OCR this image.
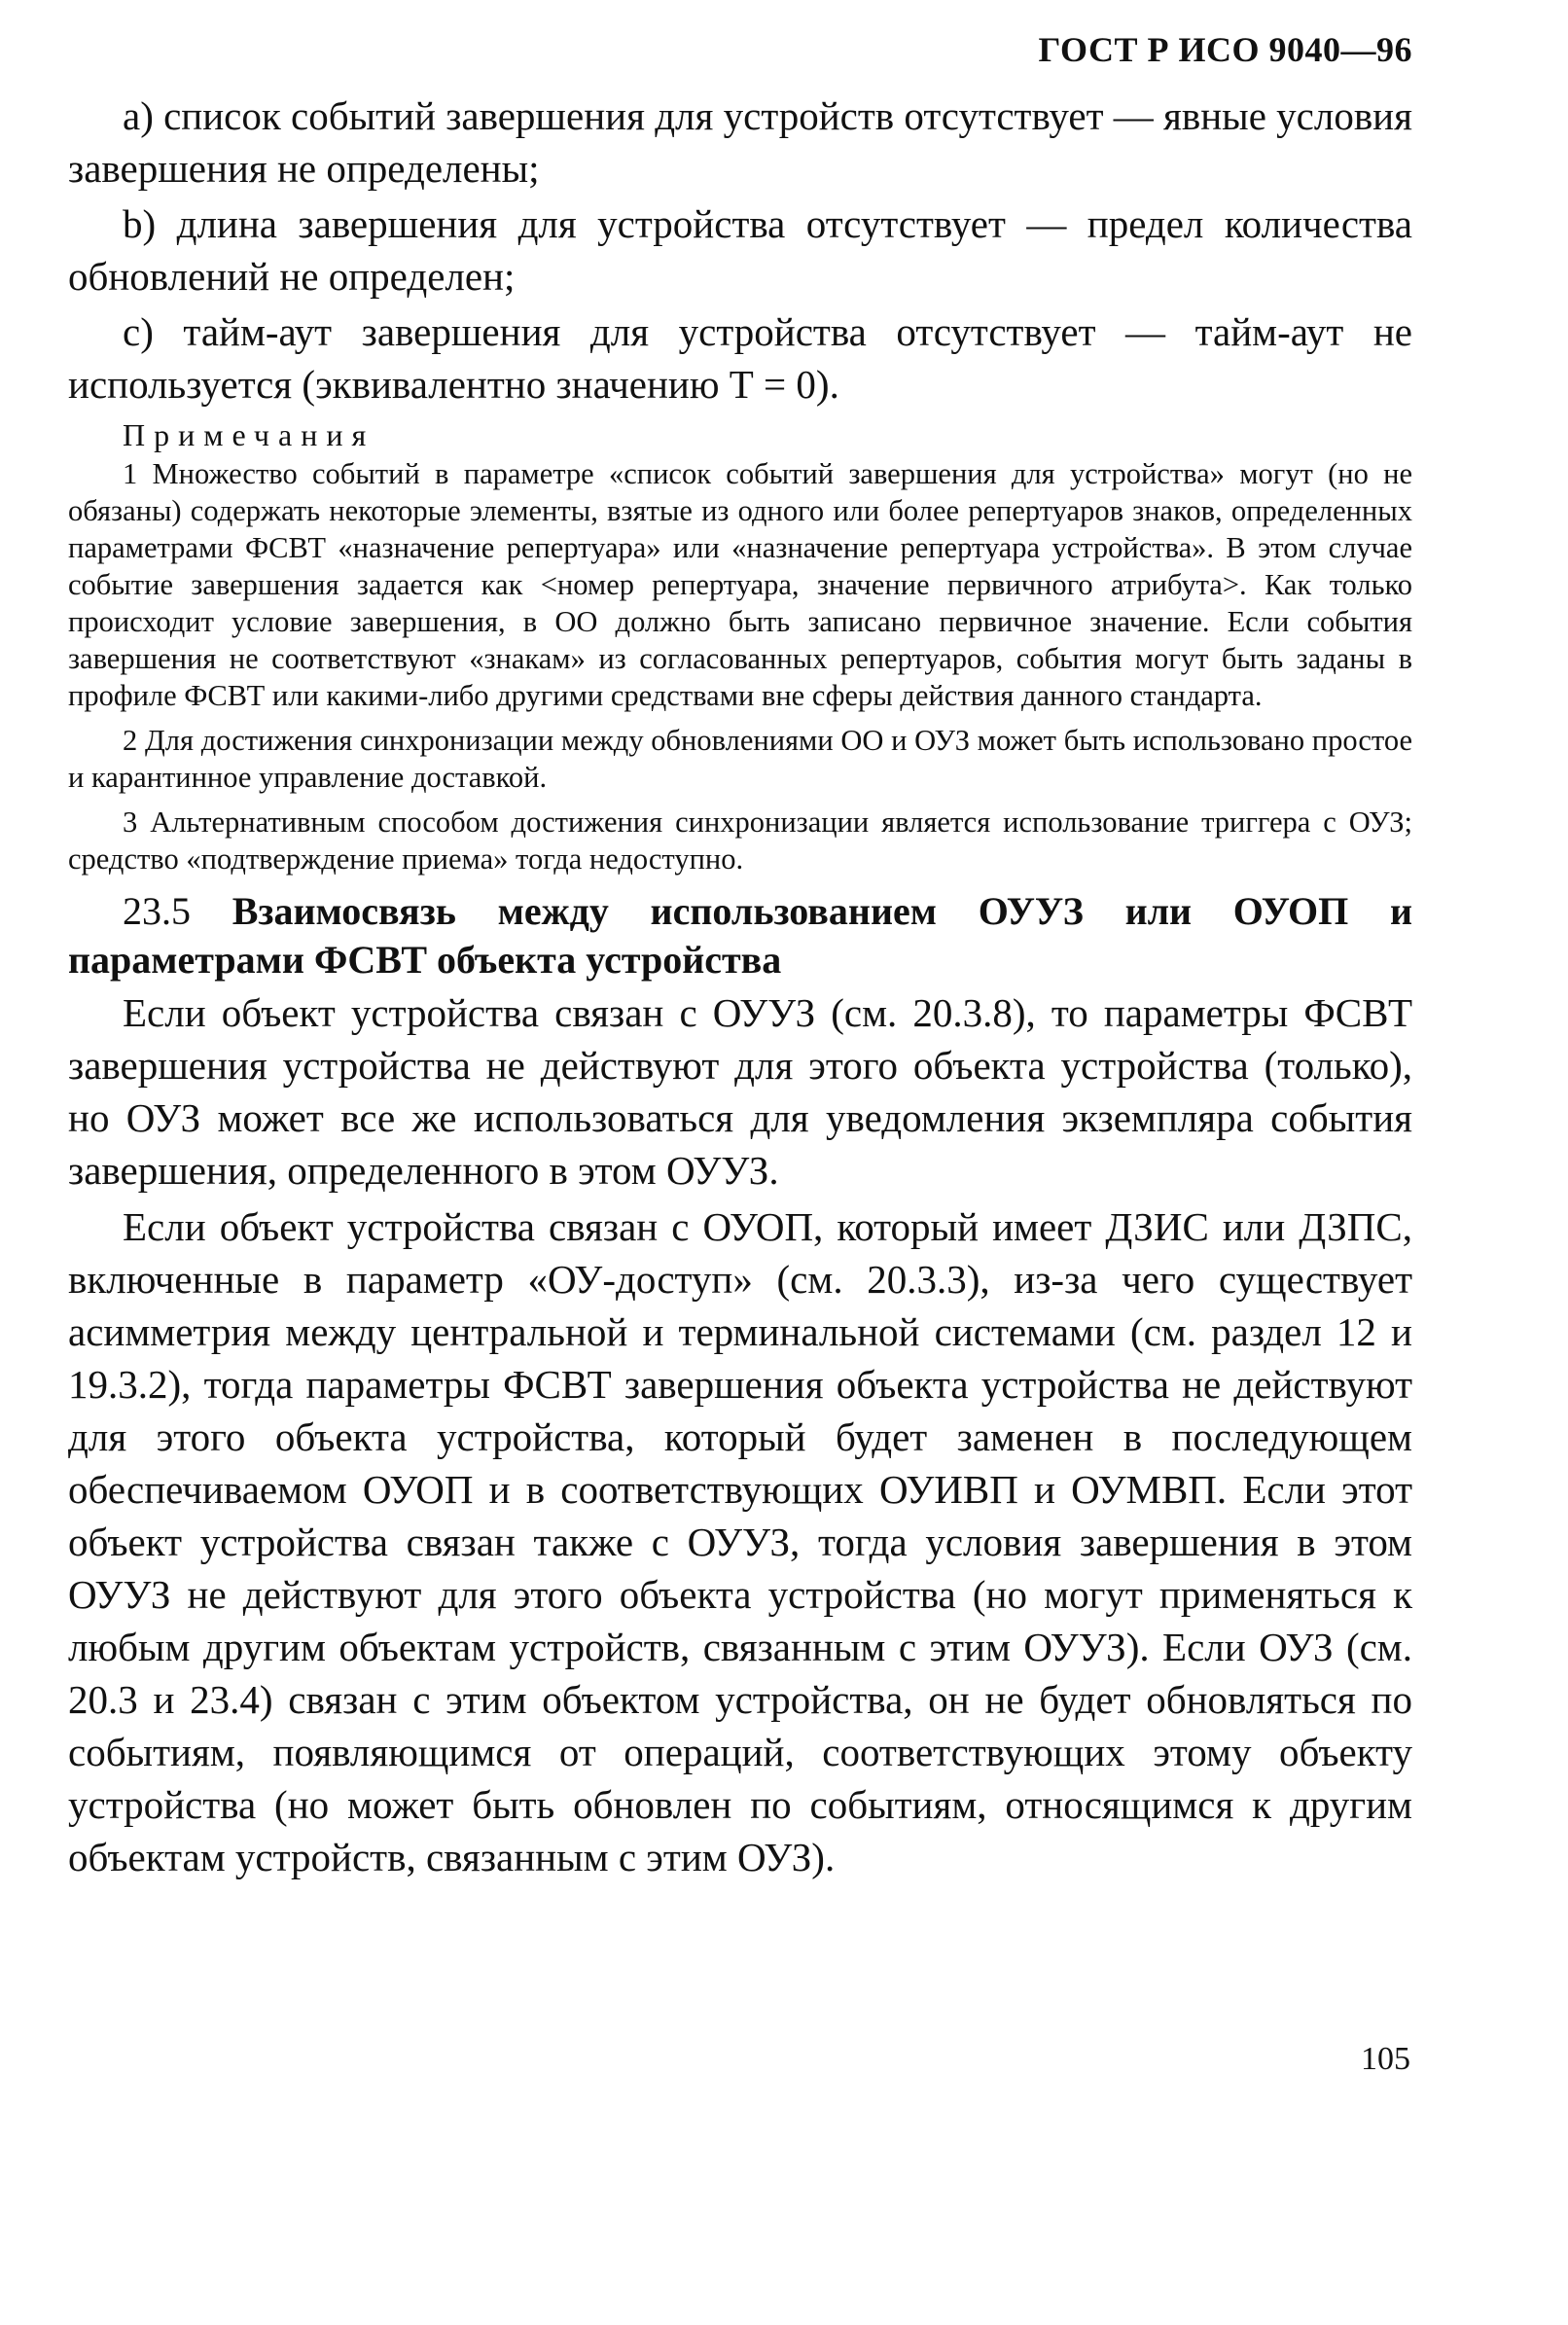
ГОСТ Р ИСО 9040—96

а) список событий завершения для устройств отсутствует — явные условия завершения не определены;

b) длина завершения для устройства отсутствует — предел количества обновлений не определен;

с) тайм-аут завершения для устройства отсутствует — тайм-аут не используется (эквивалентно значению Т = 0).

Примечания

1 Множество событий в параметре «список событий завершения для устройства» могут (но не обязаны) содержать некоторые элементы, взятые из одного или более репертуаров знаков, определенных параметрами ФСВТ «назначение репертуара» или «назначение репертуара устройства». В этом случае событие завершения задается как <номер репертуара, значение первичного атрибута>. Как только происходит условие завершения, в ОО должно быть записано первичное значение. Если события завершения не соответствуют «знакам» из согласованных репертуаров, события могут быть заданы в профиле ФСВТ или какими-либо другими средствами вне сферы действия данного стандарта.

2 Для достижения синхронизации между обновлениями ОО и ОУЗ может быть использовано простое и карантинное управление доставкой.

3 Альтернативным способом достижения синхронизации является использование триггера с ОУЗ; средство «подтверждение приема» тогда недоступно.

23.5 Взаимосвязь между использованием ОУУЗ или ОУОП и параметрами ФСВТ объекта устройства

Если объект устройства связан с ОУУЗ (см. 20.3.8), то параметры ФСВТ завершения устройства не действуют для этого объекта устройства (только), но ОУЗ может все же использоваться для уведомления экземпляра события завершения, определенного в этом ОУУЗ.

Если объект устройства связан с ОУОП, который имеет ДЗИС или ДЗПС, включенные в параметр «ОУ-доступ» (см. 20.3.3), из-за чего существует асимметрия между центральной и терминальной системами (см. раздел 12 и 19.3.2), тогда параметры ФСВТ завершения объекта устройства не действуют для этого объекта устройства, который будет заменен в последующем обеспечиваемом ОУОП и в соответствующих ОУИВП и ОУМВП. Если этот объект устройства связан также с ОУУЗ, тогда условия завершения в этом ОУУЗ не действуют для этого объекта устройства (но могут применяться к любым другим объектам устройств, связанным с этим ОУУЗ). Если ОУЗ (см. 20.3 и 23.4) связан с этим объектом устройства, он не будет обновляться по событиям, появляющимся от операций, соответствующих этому объекту устройства (но может быть обновлен по событиям, относящимся к другим объектам устройств, связанным с этим ОУЗ).

105
